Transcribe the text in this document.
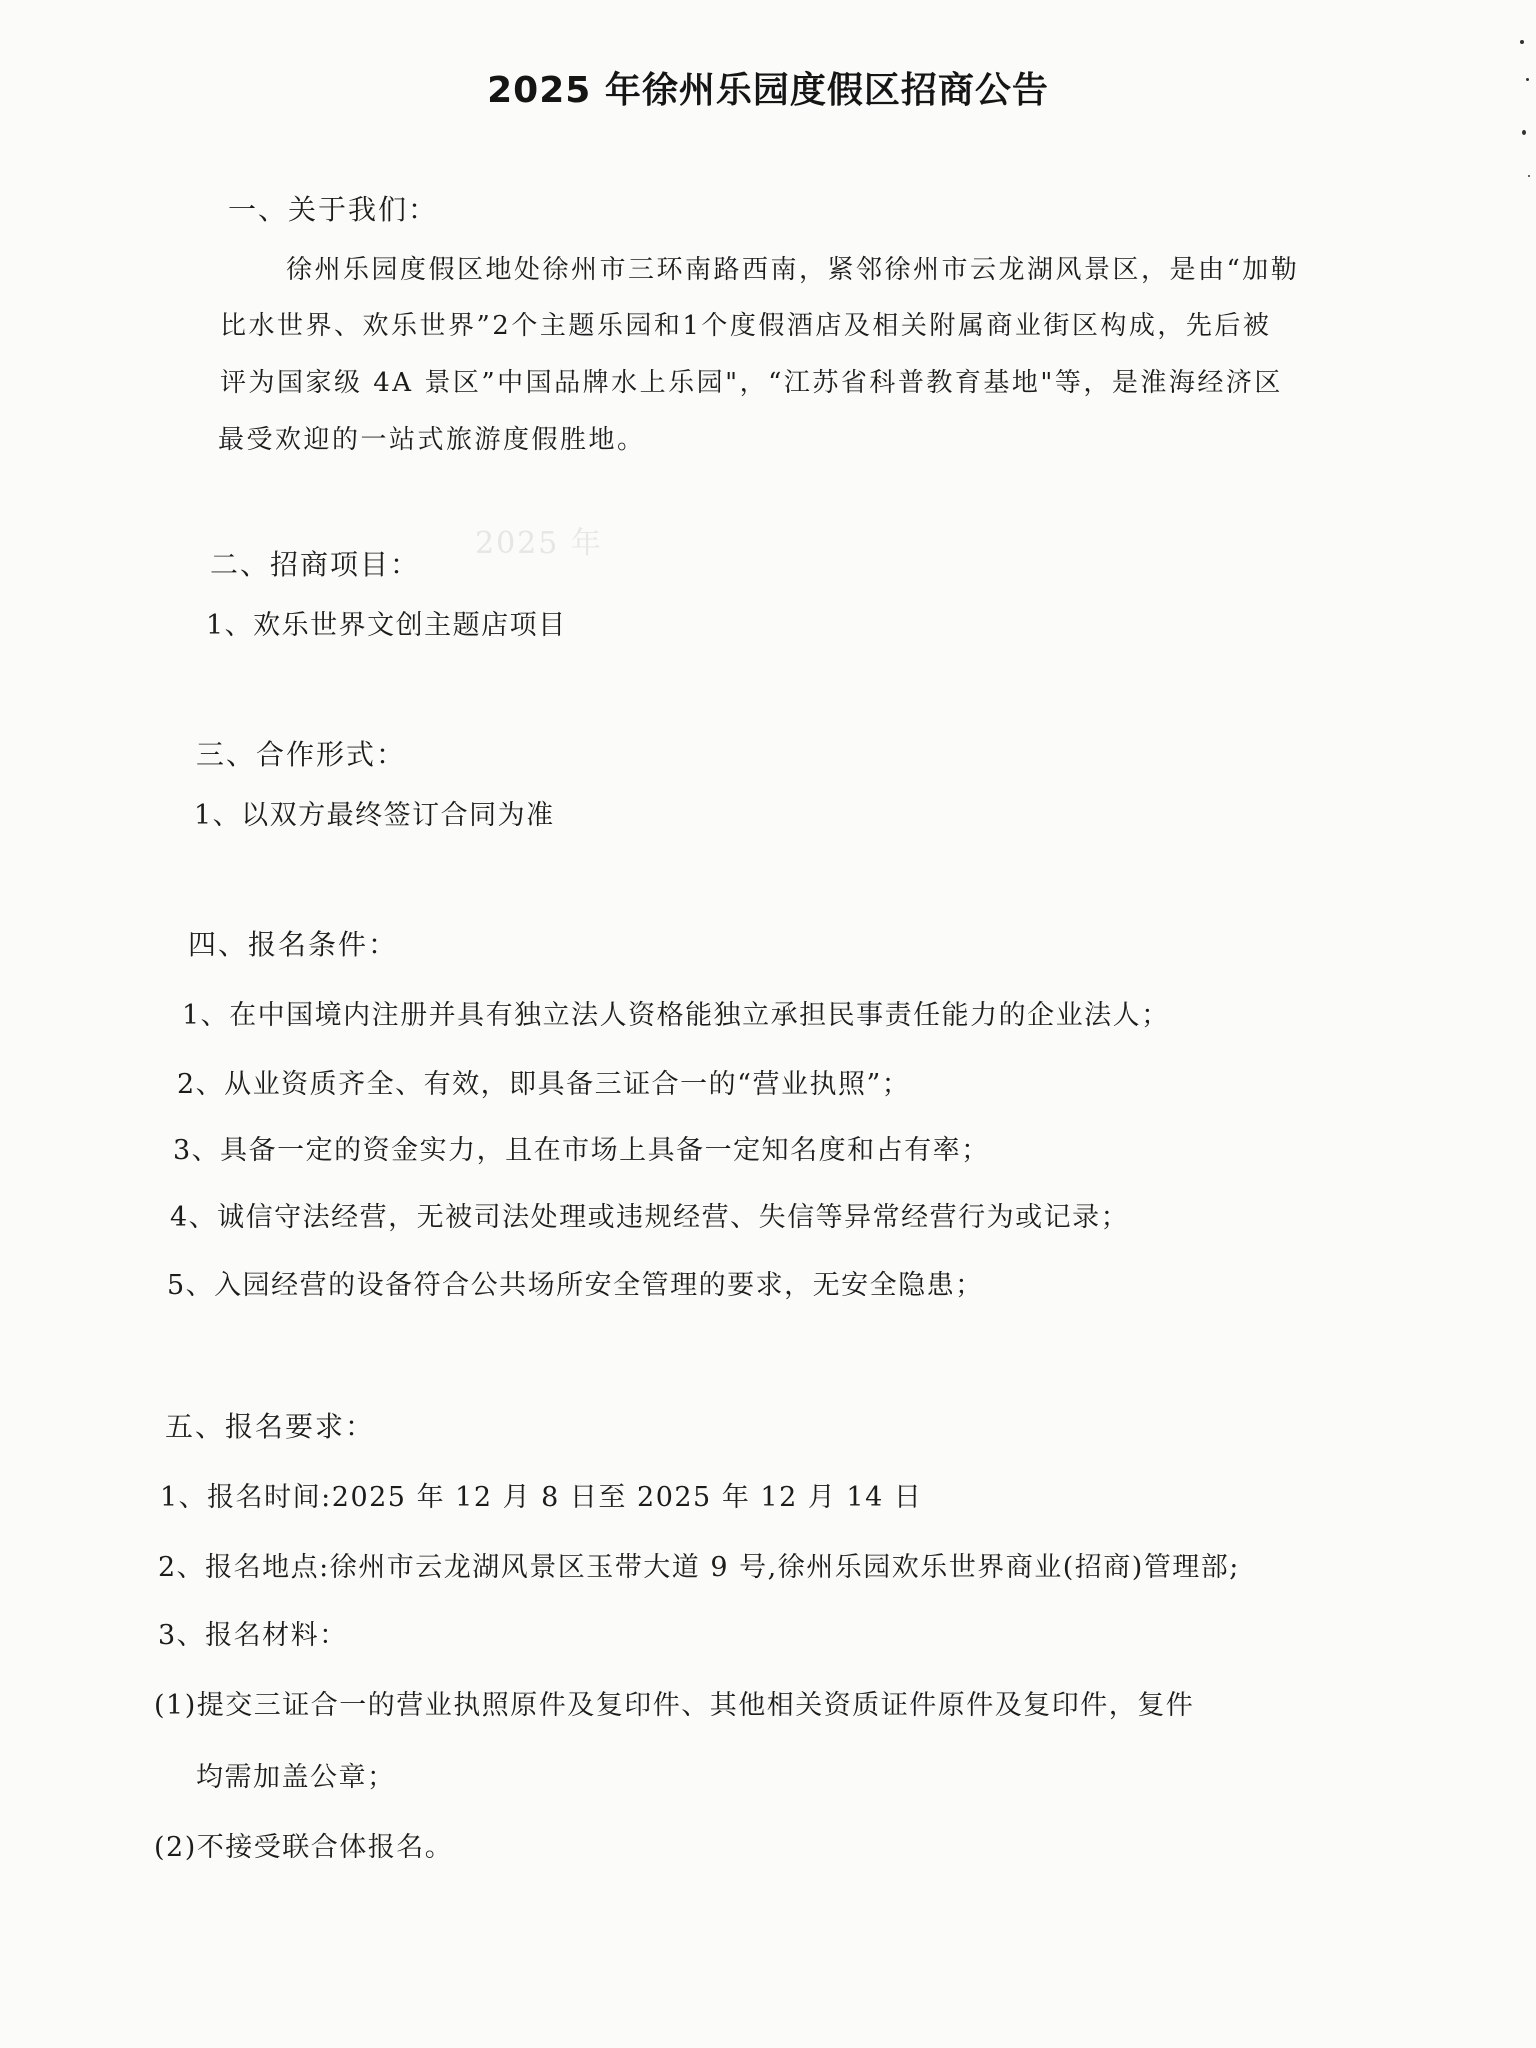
2025 年
2025 年徐州乐园度假区招商公告
一、关于我们：
徐州乐园度假区地处徐州市三环南路西南，紧邻徐州市云龙湖风景区，是由“加勒
比水世界、欢乐世界”2个主题乐园和1个度假酒店及相关附属商业街区构成，先后被
评为国家级 4A 景区”中国品牌水上乐园"，“江苏省科普教育基地"等，是淮海经济区
最受欢迎的一站式旅游度假胜地。
二、招商项目：
1、欢乐世界文创主题店项目
三、合作形式：
1、以双方最终签订合同为准
四、报名条件：
1、在中国境内注册并具有独立法人资格能独立承担民事责任能力的企业法人；
2、从业资质齐全、有效，即具备三证合一的“营业执照”；
3、具备一定的资金实力，且在市场上具备一定知名度和占有率；
4、诚信守法经营，无被司法处理或违规经营、失信等异常经营行为或记录；
5、入园经营的设备符合公共场所安全管理的要求，无安全隐患；
五、报名要求：
1、报名时间:2025 年 12 月 8 日至 2025 年 12 月 14 日
2、报名地点:徐州市云龙湖风景区玉带大道 9 号,徐州乐园欢乐世界商业(招商)管理部;
3、报名材料：
(1)提交三证合一的营业执照原件及复印件、其他相关资质证件原件及复印件，复件
均需加盖公章；
(2)不接受联合体报名。
